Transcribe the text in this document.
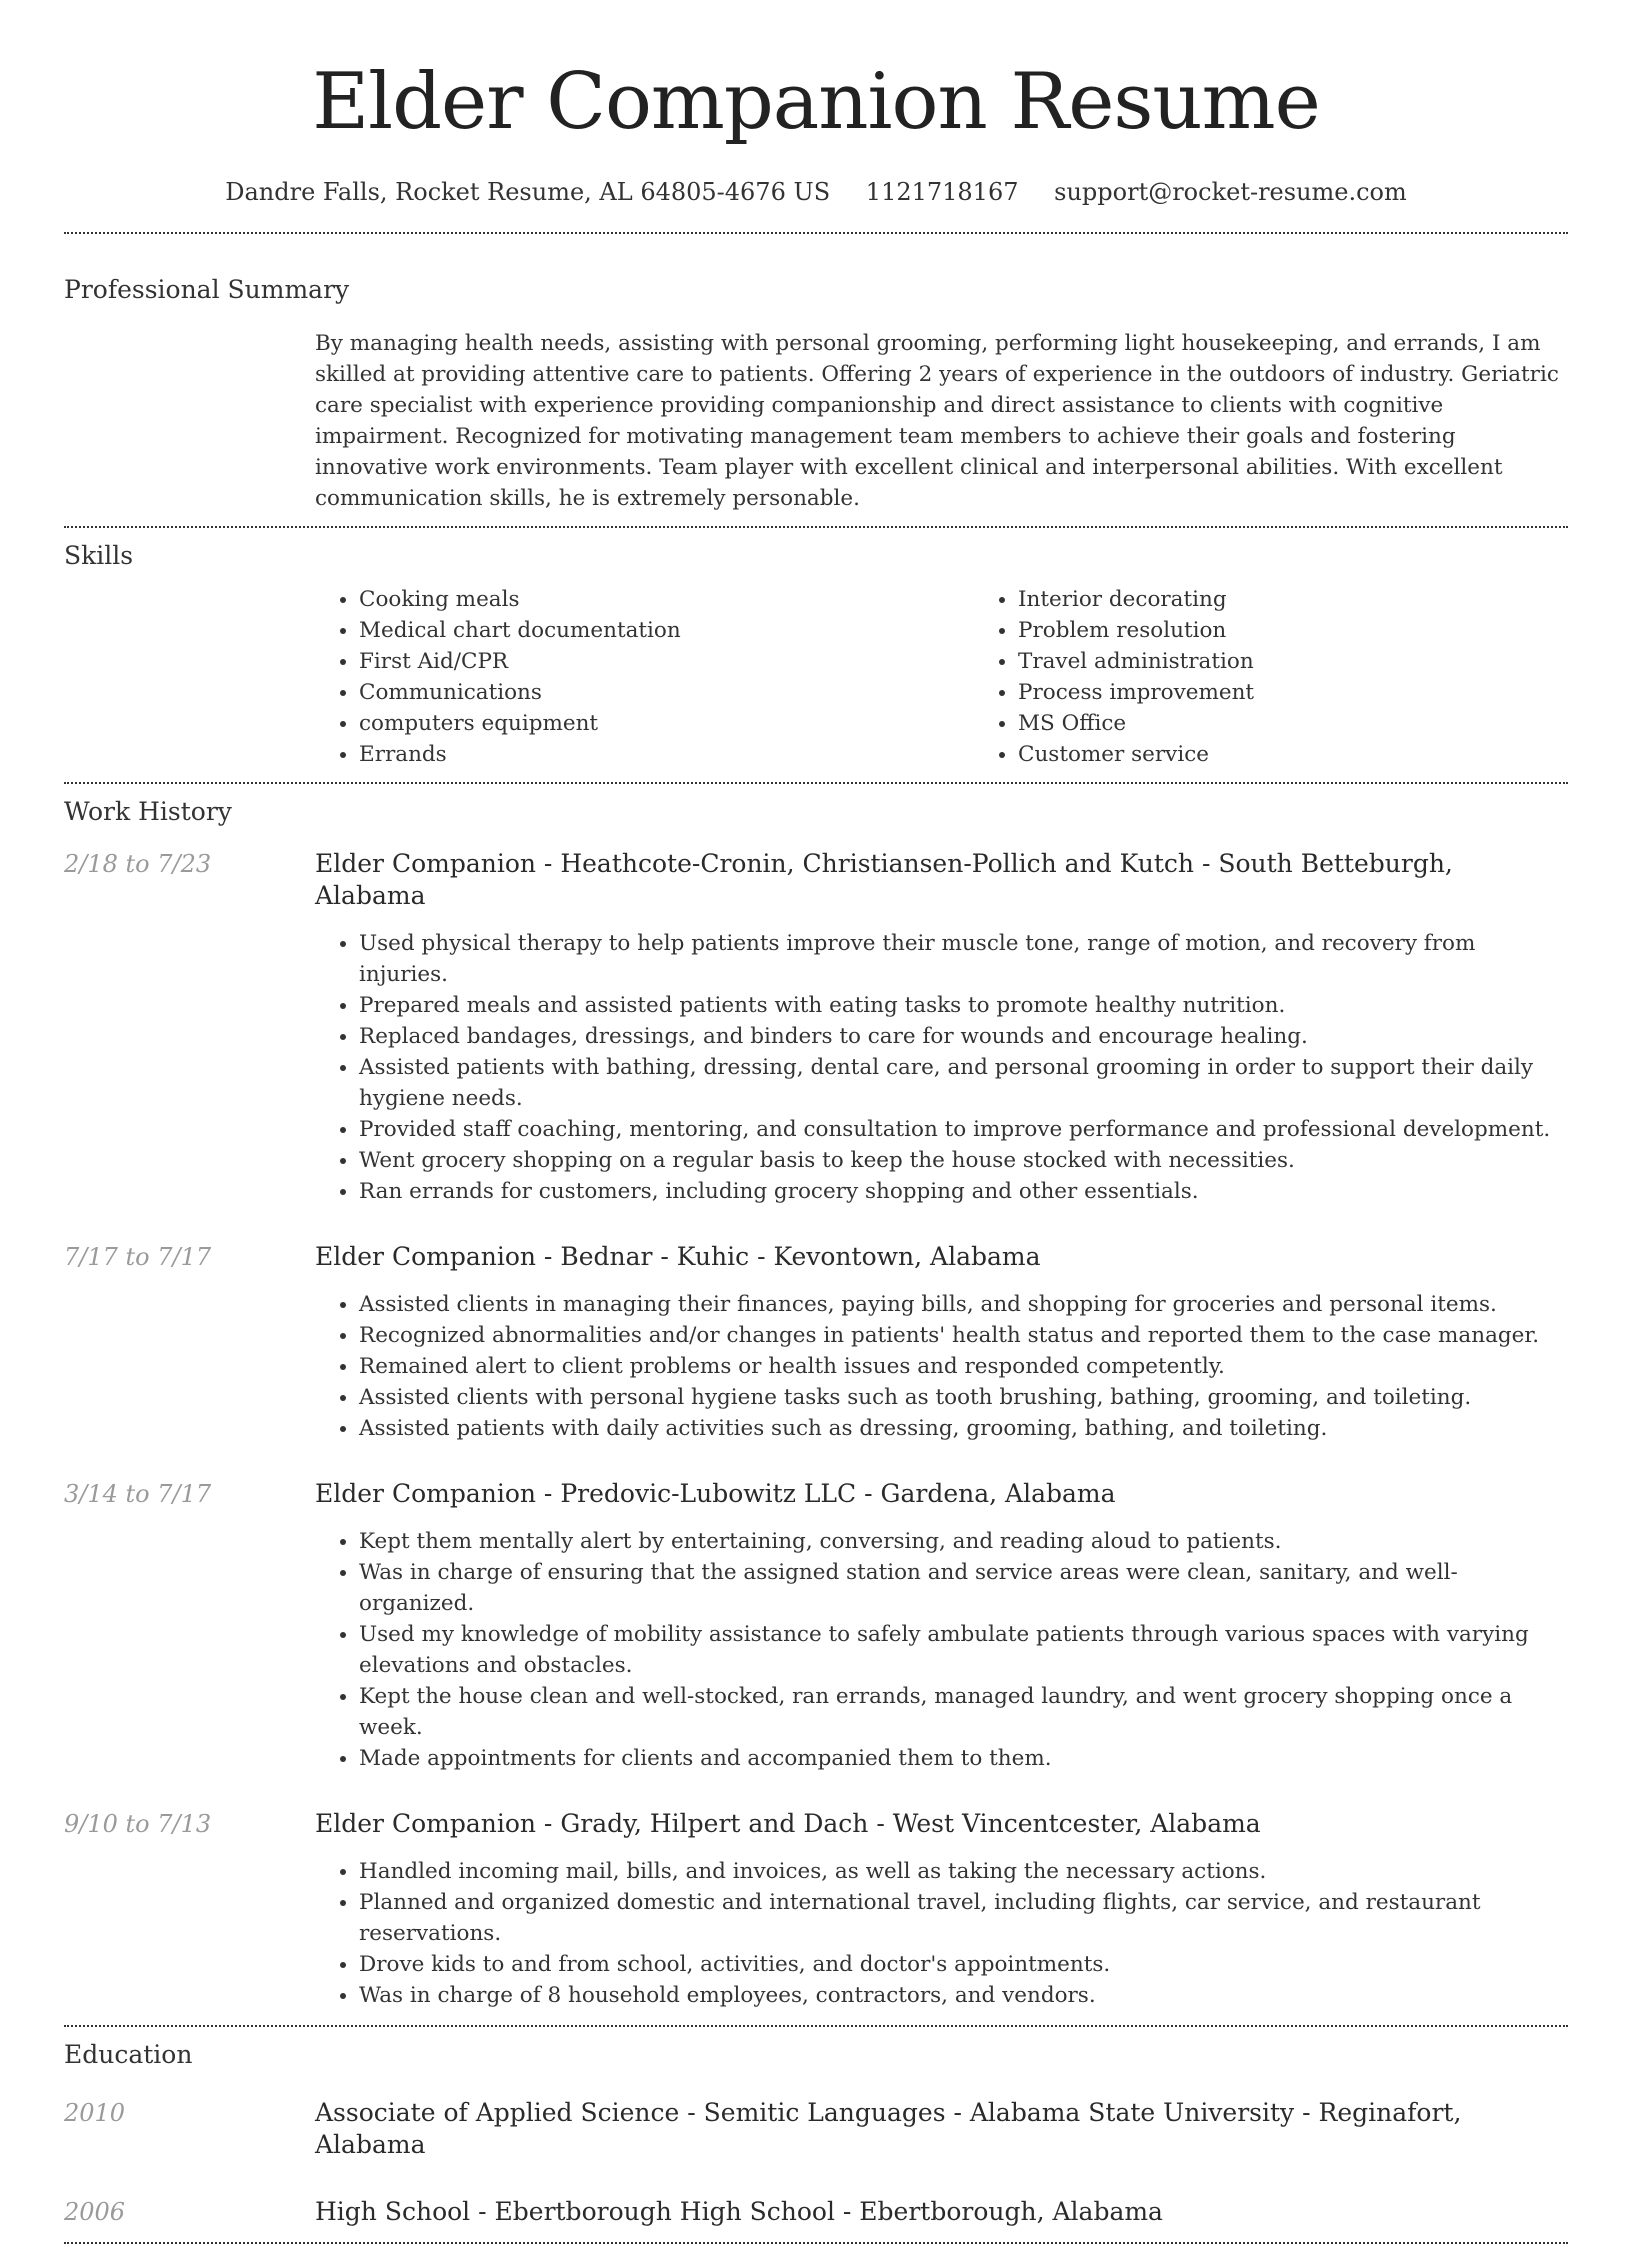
Elder Companion Resume
Dandre Falls, Rocket Resume, AL 64805-4676 US 1121718167 support@rocket-resume.com
Professional Summary

By managing health needs, assisting with personal grooming, performing light housekeeping, and errands, I am skilled at providing attentive care to patients. Offering 2 years of experience in the outdoors of industry. Geriatric care specialist with experience providing companionship and direct assistance to clients with cognitive impairment. Recognized for motivating management team members to achieve their goals and fostering innovative work environments. Team player with excellent clinical and interpersonal abilities. With excellent communication skills, he is extremely personable.

Skills
• Cooking meals
• Medical chart documentation
• First Aid/CPR
• Communications
• computers equipment
• Errands
• Interior decorating
• Problem resolution
• Travel administration
• Process improvement
• MS Office
• Customer service
Work History
2/18 to 7/23	Elder Companion - Heathcote-Cronin, Christiansen-Pollich and Kutch - South Betteburgh, Alabama
• Used physical therapy to help patients improve their muscle tone, range of motion, and recovery from injuries.
• Prepared meals and assisted patients with eating tasks to promote healthy nutrition.
• Replaced bandages, dressings, and binders to care for wounds and encourage healing.
• Assisted patients with bathing, dressing, dental care, and personal grooming in order to support their daily hygiene needs.
• Provided staff coaching, mentoring, and consultation to improve performance and professional development.
• Went grocery shopping on a regular basis to keep the house stocked with necessities.
• Ran errands for customers, including grocery shopping and other essentials.
7/17 to 7/17	Elder Companion - Bednar - Kuhic - Kevontown, Alabama
• Assisted clients in managing their finances, paying bills, and shopping for groceries and personal items.
• Recognized abnormalities and/or changes in patients' health status and reported them to the case manager.
• Remained alert to client problems or health issues and responded competently.
• Assisted clients with personal hygiene tasks such as tooth brushing, bathing, grooming, and toileting.
• Assisted patients with daily activities such as dressing, grooming, bathing, and toileting.
3/14 to 7/17	Elder Companion - Predovic-Lubowitz LLC - Gardena, Alabama
• Kept them mentally alert by entertaining, conversing, and reading aloud to patients.
• Was in charge of ensuring that the assigned station and service areas were clean, sanitary, and well-organized.
• Used my knowledge of mobility assistance to safely ambulate patients through various spaces with varying elevations and obstacles.
• Kept the house clean and well-stocked, ran errands, managed laundry, and went grocery shopping once a week.
• Made appointments for clients and accompanied them to them.
9/10 to 7/13	Elder Companion - Grady, Hilpert and Dach - West Vincentcester, Alabama
• Handled incoming mail, bills, and invoices, as well as taking the necessary actions.
• Planned and organized domestic and international travel, including flights, car service, and restaurant reservations.
• Drove kids to and from school, activities, and doctor's appointments.
• Was in charge of 8 household employees, contractors, and vendors.
Education
2010	Associate of Applied Science - Semitic Languages - Alabama State University - Reginafort, Alabama
2006	High School - Ebertborough High School - Ebertborough, Alabama
